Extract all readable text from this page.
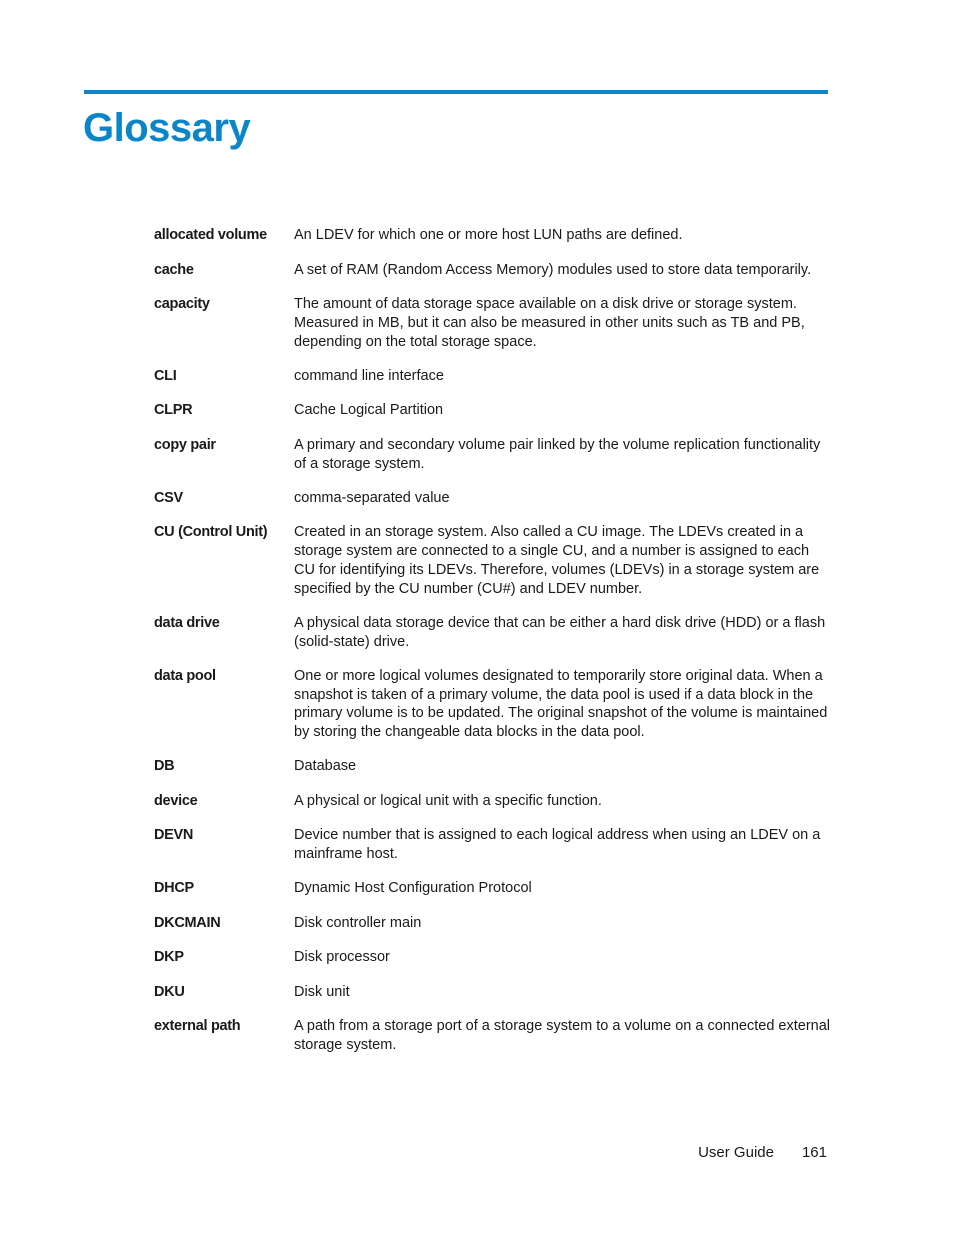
Glossary
allocated volume	An LDEV for which one or more host LUN paths are defined.
cache	A set of RAM (Random Access Memory) modules used to store data temporarily.
capacity	The amount of data storage space available on a disk drive or storage system. Measured in MB, but it can also be measured in other units such as TB and PB, depending on the total storage space.
CLI	command line interface
CLPR	Cache Logical Partition
copy pair	A primary and secondary volume pair linked by the volume replication functionality of a storage system.
CSV	comma-separated value
CU (Control Unit)	Created in an storage system. Also called a CU image. The LDEVs created in a storage system are connected to a single CU, and a number is assigned to each CU for identifying its LDEVs. Therefore, volumes (LDEVs) in a storage system are specified by the CU number (CU#) and LDEV number.
data drive	A physical data storage device that can be either a hard disk drive (HDD) or a flash (solid-state) drive.
data pool	One or more logical volumes designated to temporarily store original data. When a snapshot is taken of a primary volume, the data pool is used if a data block in the primary volume is to be updated. The original snapshot of the volume is maintained by storing the changeable data blocks in the data pool.
DB	Database
device	A physical or logical unit with a specific function.
DEVN	Device number that is assigned to each logical address when using an LDEV on a mainframe host.
DHCP	Dynamic Host Configuration Protocol
DKCMAIN	Disk controller main
DKP	Disk processor
DKU	Disk unit
external path	A path from a storage port of a storage system to a volume on a connected external storage system.
User Guide 161
